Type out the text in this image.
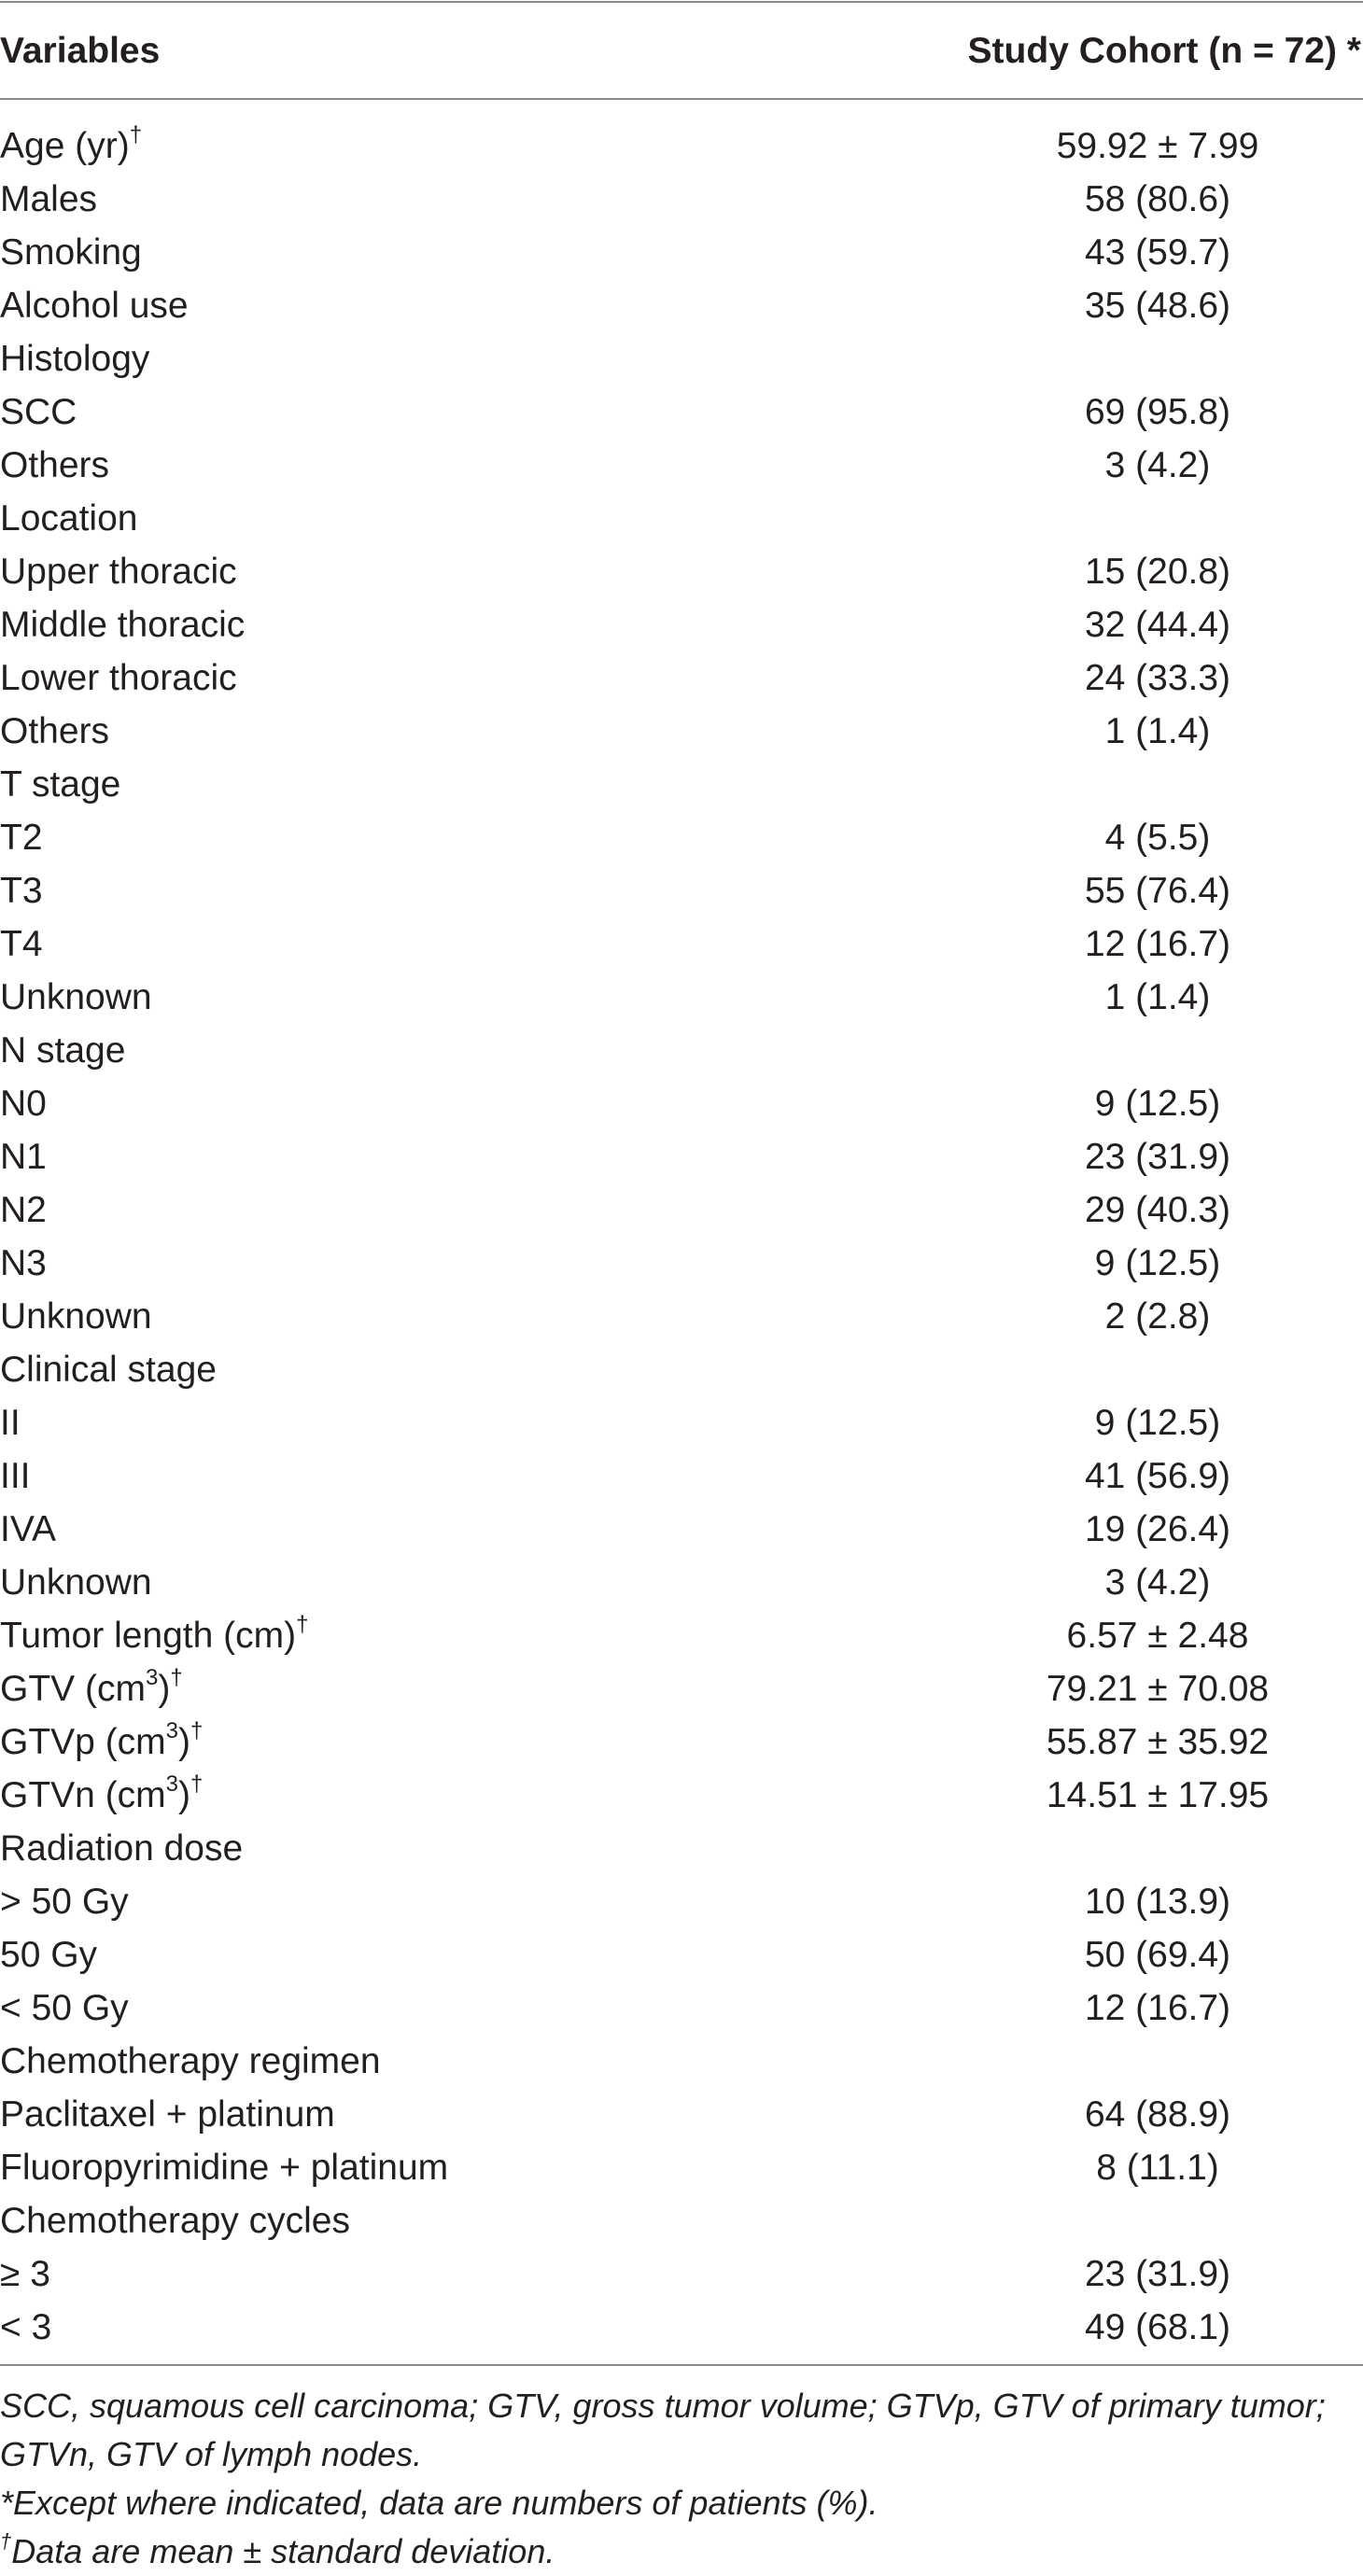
Variables	Study Cohort (n = 72) *
Age (yr)†	59.92 ± 7.99
Males	58 (80.6)
Smoking	43 (59.7)
Alcohol use	35 (48.6)
Histology
SCC	69 (95.8)
Others	3 (4.2)
Location
Upper thoracic	15 (20.8)
Middle thoracic	32 (44.4)
Lower thoracic	24 (33.3)
Others	1 (1.4)
T stage
T2	4 (5.5)
T3	55 (76.4)
T4	12 (16.7)
Unknown	1 (1.4)
N stage
N0	9 (12.5)
N1	23 (31.9)
N2	29 (40.3)
N3	9 (12.5)
Unknown	2 (2.8)
Clinical stage
II	9 (12.5)
III	41 (56.9)
IVA	19 (26.4)
Unknown	3 (4.2)
Tumor length (cm)†	6.57 ± 2.48
GTV $(cm^3)^\dagger$	79.21 ± 70.08
GTVp $(cm^3)^\dagger$	55.87 ± 35.92
GTVn $(cm^3)^\dagger$	14.51 ± 17.95
Radiation dose
> 50 Gy	10 (13.9)
50 Gy	50 (69.4)
< 50 Gy	12 (16.7)
Chemotherapy regimen
Paclitaxel + platinum	64 (88.9)
Fluoropyrimidine + platinum	8 (11.1)
Chemotherapy cycles
≥ 3	23 (31.9)
< 3	49 (68.1)

SCC, squamous cell carcinoma; GTV, gross tumor volume; GTVp, GTV of primary tumor;

GTVn, GTV of lymph nodes.

*Except where indicated, data are numbers of patients (%).

†Data are mean ± standard deviation.
